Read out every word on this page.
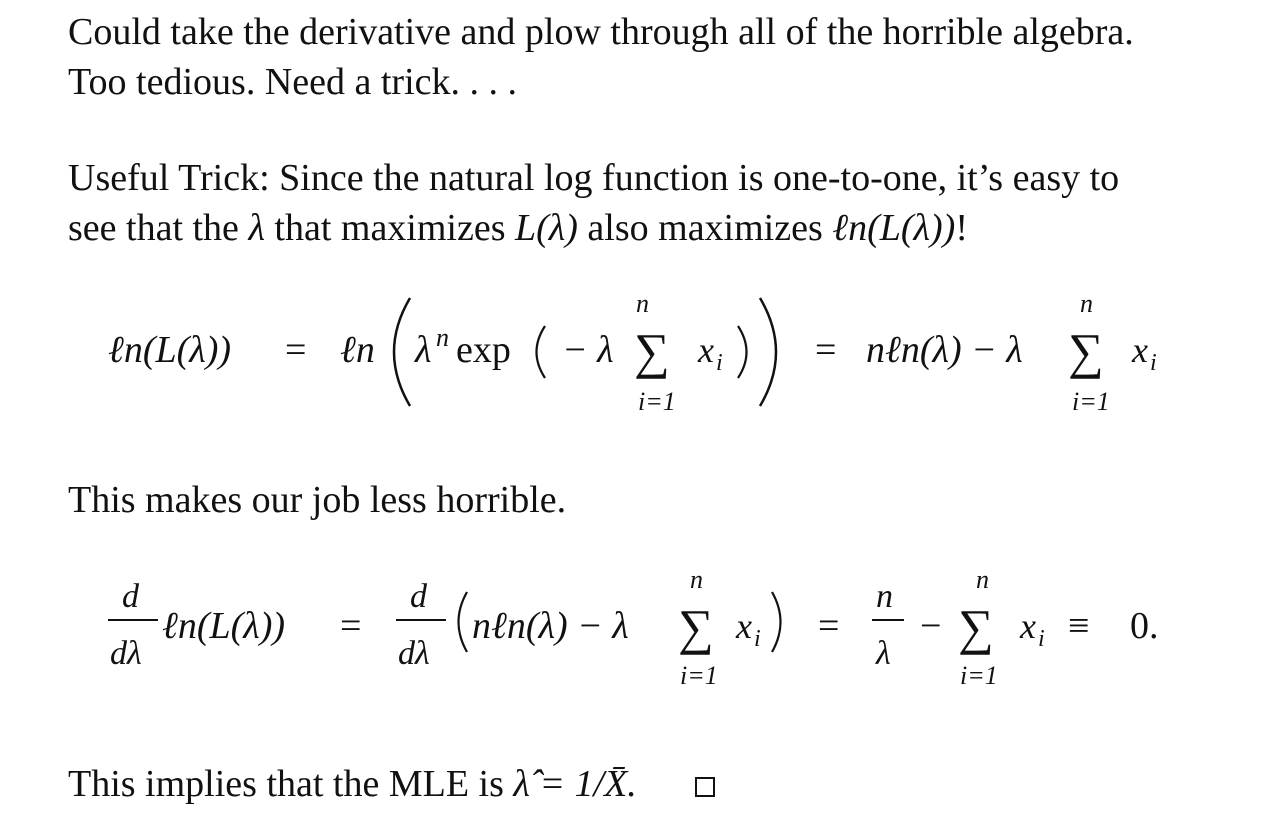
Could take the derivative and plow through all of the horrible algebra.

Too tedious. Need a trick. . . .

Useful Trick: Since the natural log function is one-to-one, it’s easy to

see that the λ that maximizes L(λ) also maximizes ℓn(L(λ))!

ℓn(L(λ)) = ℓn λ n exp − λ
n
∑
i=1
x i = nℓn(λ) − λ
n
∑
i=1
x i

This makes our job less horrible.

d
dλ
ℓn(L(λ)) =
d
dλ
nℓn(λ) − λ
n
∑
i=1
x i =
n
λ
−
n
∑
i=1
x i ≡ 0.

This implies that the MLE is λ̂ = 1/X̄.
